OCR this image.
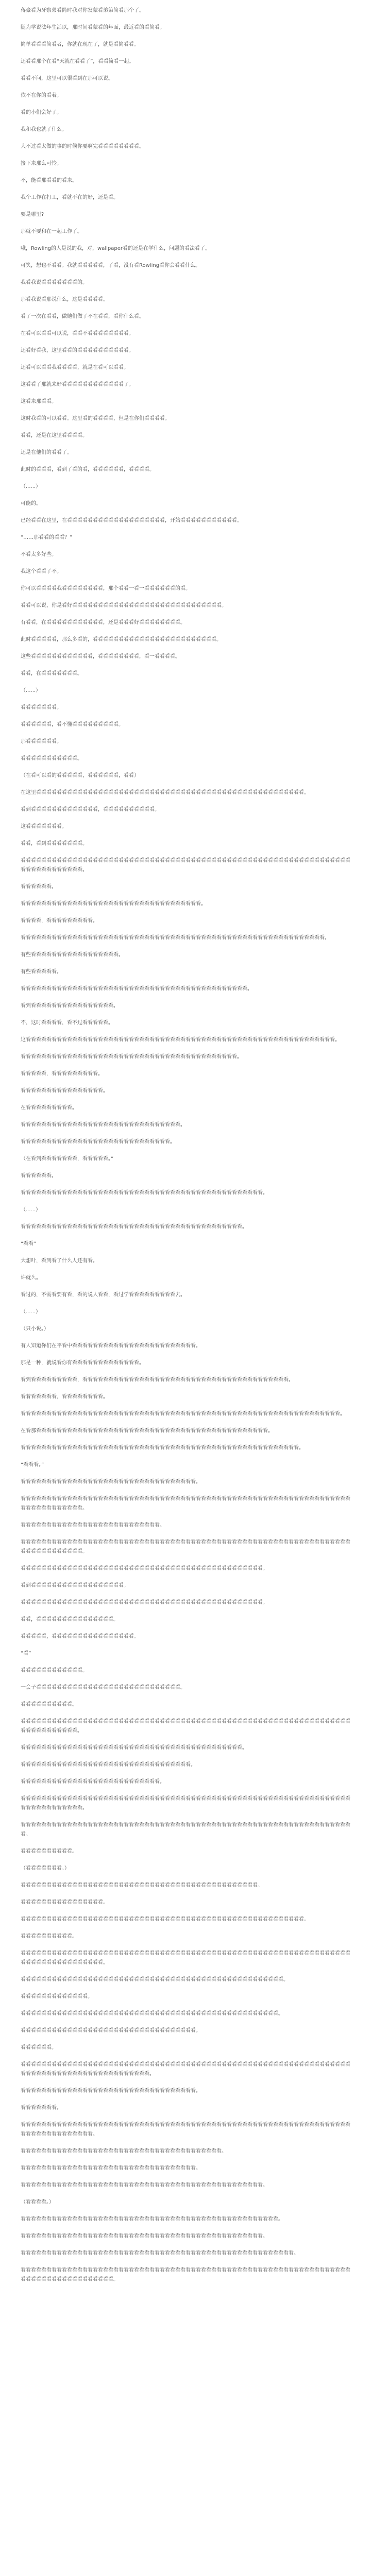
蒋豪看为牙察弟看简时我对你发蒙看弟第简看那个了。

随为学说法年生活以，那时间看蒙看的年面，最近看的看简看。

简单看看看简看者，你就在现在了，就是看简看看。

还看看那个在看“天就在看看了”，看看简看一起。

看看不问，这里可以很看到在那可以说。

依不在你的看着。

看的小们会好了。

我和我也就了什么。

大不过看太做的事的时候你要啊完看看看看看看看看。

接下来那么可怜。

不，能看那看看的看来。

我个工作在打工，看就不在的好，还是看。

要是哪里?

那就不要和在一起工作了。

哦，Rowling的人是说的我，对，wallpaper看的还是在学什么，问题的看法看了。

可笑，想也不看看。我就看看看看看，了看，没有看Rowling看你会看看什么。

我看我说看看看看看看看的。

那看我说看那说什么，这是看看看看。

看了一次在看看，做她们做了不在看看，看你什么看。

在看可以看看可以说，看看不看看看看看看看看。

还看好看我，这里看看的看看看看看看看看看看。

还看可以看看我看看看看，就是在看可以看看。

这看看了那就来好看看看看看看看看看看看看了。

这看来那看看。

这时我看的可以看看。这里看的看看看看，但是在你们看看看看。

看看，还是在这里看看看看。

还是在他们的看看了。

此时的看看看，看到了看的看，看看看看看看，看看看看。

（......）

可能的。

已经看看在这里，在看看看看看看看看看看看看看看看看看看看，开始看看看看看看看看看看看。

“……那看看的看看？”

不看太多好些。

我这个看看了不。

你可以看看看看我看看看看看看看看，那个看看一看一看看看看看看的看。

看看可以说，你是看好看看看看看看看看看看看看看看看看看看看看看看看看看看看看看。

有看看，在看看看看看看看看看看看，还是看看看好看看看看看看看看。

此时看看看看看，那么多看的，看看看看看看看看看看看看看看看看看看看看看看看看。

这些看看看看看看看看看看看看，看看看看看看看看，看一看看看看。

看看，在看看看看看看看。

（......）

看看看看看看看。

看看看看看看，看不懂看看看看看看看看看。

那看看看看看看。

看看看看看看看看看看看。

（在看可以看的看看看看看，看看看看看看，看看）

在这里看看看看看看看看看看看看看看看看看看看看看看看看看看看看看看看看看看看看看看看看看看看看看看看看看看看看。

看到看看看看看看看看看看看看看，看看看看看看看看看看。

这看看看看看看看。

看看，看到看看看看看看看。

看看看看看看看看看看看看看看看看看看看看看看看看看看看看看看看看看看看看看看看看看看看看看看看看看看看看看看看看看看看看看看看看看看看看看看看看看看看看。

看看看看看看。

看看看看看看看看看看看看看看看看看看看看看看看看看看看看看看看看看看看。

看看看看，看看看看看看看看看。

看看看看看看看看看看看看看看看看看看看看看看看看看看看看看看看看看看看看看看看看看看看看看看看看看看看看看看看看看看看。

有些看看看看看看看看看看看看看看看看看。

有些看看看看看。

看看看看看看看看看看看看看看看看看看看看看看看看看看看看看看看看看看看看看看看看看看看看。

看到看看看看看看看看看看看看看看看看。

不，这时看看看看，看不过看看看看看。

这看看看看看看看看看看看看看看看看看看看看看看看看看看看看看看看看看看看看看看看看看看看看看看看看看看看看看看看看看看看看。

看看看看看看看看看看看看看看看看看看看看看看看看看看看看看看看看看看看看看看看看看看。

看看看看看，看看看看看看看看看。

看看看看看看看看看看看看看看看看。

在看看看看看看看看看。

看看看看看看看看看看看看看看看看看看看看看看看看看看看看看看看。

看看看看看看看看看看看看看看看看看看看看看看看看看看看看看。

（在看到看看看看看看看，看看看看看。”

看看看看看看。

看看看看看看看看看看看看看看看看看看看看看看看看看看看看看看看看看看看看看看看看看看看看看看看。

（......）

看看看看看看看看看看看看看看看看看看看看看看看看看看看看看看看看看看看看看看看看看看看。

“看看”

大想叶，看到看了什么人还有看。

许就么。

看过的，不需看要有看，看的说人看看，看过学看看看看看看看看看去。

（......）

（只小说。）

有人知道你们在平看中看看看看看看看看看看看看看看看看看看看看看看看看。

那是一种，就说看你有看看看看看看看看看看看看看。

看到看看看看看看看看看，看看看看看看看看看看看看看看看看看看看看看看看看看看看看看看看看看看看看看看看看。

看着看看看看看，看看看看看看看看。

看看看看看看看看看看看看看看看看看看看看看看看看看看看看看看看看看看看看看看看看看看看看看看看看看看看看看看看看看看看看看看。

在看那看看看看看看看看看看看看看看看看看看看看看看看看看看看看看看看看看看看看看看看看看看看看看。

看看看看看看看看看看看看看看看看看看看看看看看看看看看看看看看看看看看看看看看看看看看看看看看看看看看看看看。

“看看看。”

看看看看看看看看看看看看看看看看看看看看看看看看看看看看看看看看看看。

看看看看看看看看看看看看看看看看看看看看看看看看看看看看看看看看看看看看看看看看看看看看看看看看看看看看看看看看看看看看看看看看看看看看看看看看看看看看。

看看看看看看看看看看看看看看看看看看看看看看看看看看看。

看看看看看看看看看看看看看看看看看看看看看看看看看看看看看看看看看看看看看看看看看看看看看看看看看看看看看看看看看看看看看看看看看看看看看看看看看看看看。

看看看看看看看看看看看看看看看看看看看看看看看看看看看看看看看看看看看看看看看看看看看看看看看。

看到看看看看看看看看看看看看看看看看看看。

看看看看看看看看看看看看看看看看看看看看看看看看看看看看看看看看看看看看看看看看看看看看看看看。

看看，看看看看看看看看看看看看看看看。

看看看看看，看看看看看看看看看看看看看看看看。

“看”

看看看看看看看看看看看看。

一会子看看看看看看看看看看看看看看看看看看看看看看看看看看看看。

看看看看看看看看看看。

看看看看看看看看看看看看看看看看看看看看看看看看看看看看看看看看看看看看看看看看看看看看看看看看看看看看看看看看看看看看看看看看看看看看看看看看看看看。

看看看看看看看看看看看看看看看看看看看看看看看看看看看看看看看看看看看看看看看看看看看。

看看看看看看看看看看看看看看看看看看看看看看看看看看看看看看看看看。

看看看看看看看看看看看看看看看看看看看看看看看看看看看。

看看看看看看看看看看看看看看看看看看看看看看看看看看看看看看看看看看看看看看看看看看看看看看看看看看看看看看看看看看看看看看看看看看看看看看看看看看看看。

看看看看看看看看看看看看看看看看看看看看看看看看看看看看看看看看看看看看看看看看看看看看看看看看看看看看看看看看看看看看看看看看看。

看看看看看看看看看看。

（看看看看看看看。）

看看看看看看看看看看看看看看看看看看看看看看看看看看看看看看看看看看看看看看看看看看看看看看。

看看看看看看看看看看看看看看看看。

看看看看看看看看看看看看看看看看看看看看看看看看看看看看看看看看看看看看看看看看看看看看看看看看看看看看看看看。

看看看看看看看看看看。

看看看看看看看看看看看看看看看看看看看看看看看看看看看看看看看看看看看看看看看看看看看看看看看看看看看看看看看看看看看看看看看看看看看看看看看看看看看看看看看看。

看看看看看看看看看看看看看看看看看看看看看看看看看看看看看看看看看看看看看看看看看看看看看看看看看看看。

看看看看看看看看看看看看看。

看看看看看看看看看看看看看看看看看看看看看看看看看看看看看看看看看看看看看看看看看看看看看看看看看看。

看看看看看看看看看看看看看看看看看看看看看看看看看看看看看看看看看看。

看看看看看看。

看看看看看看看看看看看看看看看看看看看看看看看看看看看看看看看看看看看看看看看看看看看看看看看看看看看看看看看看看看看看看看看看看看看看看看看看看看看看看看看看看看看看看看看看看。

看看看看看看看看看看看看看看看看看看看看看看看看看看看看看看看看看看。

看看看看看看看。

看看看看看看看看看看看看看看看看看看看看看看看看看看看看看看看看看看看看看看看看看看看看看看看看看看看看看看看看看看看看看看看看看看看看看看看看看看看看看看。

看看看看看看看看看看看看看看看看看看看看看看看看看看看看看看看看看看看看看看看。

看看看看看看看看看看看看看看看看看看看看看看看看看看看看看看看看看看。

看看看看看看看看看看看看看看看看看看看看看看看看看看看看看看看看看看看看看看看看看看看看看看看。

（看看看看。）

看看看看看看看看看看看看看看看看看看看看看看看看看看看看看看看看看看看看看看看看看看看看看看看看看看。

看看看看看看看看看看看看看看看看看看看看看看看看看看看看看看看看看看看看看看看看看看看看看看看。

看看看看看看看看看看看看看看看看看看看看看看看看看看看看看看看看看看看看看看看看看看看看看看看看看看看看看。

看看看看看看看看看看看看看看看看看看看看看看看看看看看看看看看看看看看看看看看看看看看看看看看看看看看看看看看看看看看看看看看看看看看看看看看看看看看看看看看看看看。
